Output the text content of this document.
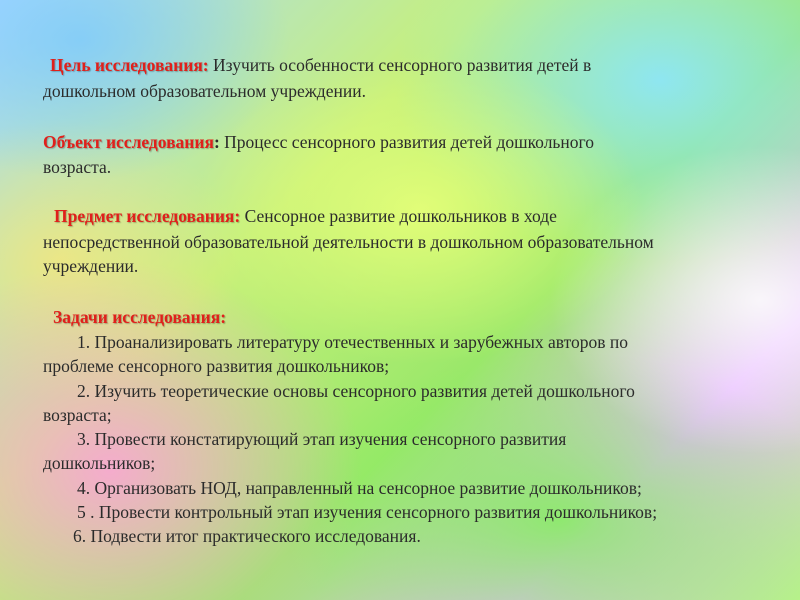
Цель исследования: Изучить особенности сенсорного развития детей в
дошкольном образовательном учреждении.
Объект исследования: Процесс сенсорного развития детей дошкольного
возраста.
Предмет исследования: Сенсорное развитие дошкольников в ходе
непосредственной образовательной деятельности в дошкольном образовательном
учреждении.
Задачи исследования:
1. Проанализировать литературу отечественных и зарубежных авторов по
проблеме сенсорного развития дошкольников;
2. Изучить теоретические основы сенсорного развития детей дошкольного
возраста;
3. Провести констатирующий этап изучения сенсорного развития
дошкольников;
4. Организовать НОД, направленный на сенсорное развитие дошкольников;
5 . Провести контрольный этап изучения сенсорного развития дошкольников;
6. Подвести итог практического исследования.
